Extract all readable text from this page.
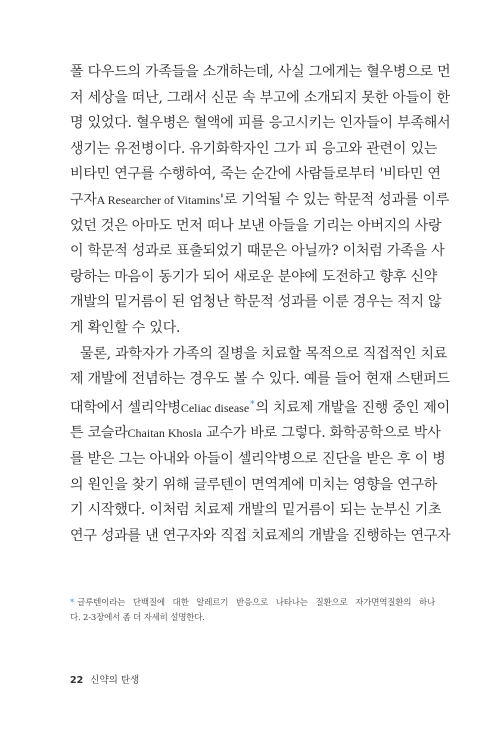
폴 다우드의 가족들을 소개하는데, 사실 그에게는 혈우병으로 먼
저 세상을 떠난, 그래서 신문 속 부고에 소개되지 못한 아들이 한
명 있었다. 혈우병은 혈액에 피를 응고시키는 인자들이 부족해서
생기는 유전병이다. 유기화학자인 그가 피 응고와 관련이 있는
비타민 연구를 수행하여, 죽는 순간에 사람들로부터 '비타민 연
구자A Researcher of Vitamins'로 기억될 수 있는 학문적 성과를 이루
었던 것은 아마도 먼저 떠나 보낸 아들을 기리는 아버지의 사랑
이 학문적 성과로 표출되었기 때문은 아닐까? 이처럼 가족을 사
랑하는 마음이 동기가 되어 새로운 분야에 도전하고 향후 신약
개발의 밑거름이 된 엄청난 학문적 성과를 이룬 경우는 적지 않
게 확인할 수 있다.
물론, 과학자가 가족의 질병을 치료할 목적으로 직접적인 치료
제 개발에 전념하는 경우도 볼 수 있다. 예를 들어 현재 스탠퍼드
대학에서 셀리악병Celiac disease*의 치료제 개발을 진행 중인 제이
튼 코슬라Chaitan Khosla 교수가 바로 그렇다. 화학공학으로 박사
를 받은 그는 아내와 아들이 셀리악병으로 진단을 받은 후 이 병
의 원인을 찾기 위해 글루텐이 면역계에 미치는 영향을 연구하
기 시작했다. 이처럼 치료제 개발의 밑거름이 되는 눈부신 기초
연구 성과를 낸 연구자와 직접 치료제의 개발을 진행하는 연구자
* 글루텐이라는 단백질에 대한 알레르기 반응으로 나타나는 질환으로 자가면역질환의 하나
다. 2-3장에서 좀 더 자세히 설명한다.
22 신약의 탄생
